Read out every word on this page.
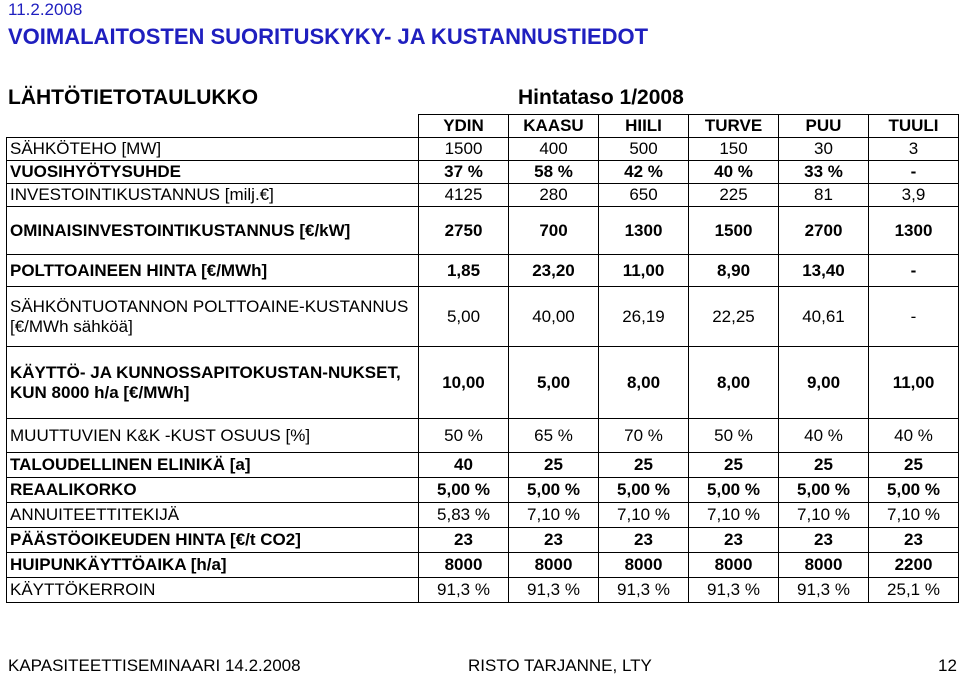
11.2.2008
VOIMALAITOSTEN SUORITUSKYKY- JA KUSTANNUSTIEDOT
LÄHTÖTIETOTAULUKKO	Hintataso 1/2008
	YDIN	KAASU	HIILI	TURVE	PUU	TUULI
SÄHKÖTEHO [MW]	1500	400	500	150	30	3
VUOSIHYÖTYSUHDE	37 %	58 %	42 %	40 %	33 %	-
INVESTOINTIKUSTANNUS [milj.€]	4125	280	650	225	81	3,9
OMINAISINVESTOINTIKUSTANNUS [€/kW]	2750	700	1300	1500	2700	1300
POLTTOAINEEN HINTA [€/MWh]	1,85	23,20	11,00	8,90	13,40	-
SÄHKÖNTUOTANNON POLTTOAINE-KUSTANNUS [€/MWh sähköä]	5,00	40,00	26,19	22,25	40,61	-
KÄYTTÖ- JA KUNNOSSAPITOKUSTAN-NUKSET, KUN 8000 h/a [€/MWh]	10,00	5,00	8,00	8,00	9,00	11,00
MUUTTUVIEN K&K -KUST OSUUS [%]	50 %	65 %	70 %	50 %	40 %	40 %
TALOUDELLINEN ELINIKÄ [a]	40	25	25	25	25	25
REAALIKORKO	5,00 %	5,00 %	5,00 %	5,00 %	5,00 %	5,00 %
ANNUITEETTITEKIJÄ	5,83 %	7,10 %	7,10 %	7,10 %	7,10 %	7,10 %
PÄÄSTÖOIKEUDEN HINTA [€/t CO2]	23	23	23	23	23	23
HUIPUNKÄYTTÖAIKA [h/a]	8000	8000	8000	8000	8000	2200
KÄYTTÖKERROIN	91,3 %	91,3 %	91,3 %	91,3 %	91,3 %	25,1 %
KAPASITEETTISEMINAARI 14.2.2008	RISTO TARJANNE, LTY	12
